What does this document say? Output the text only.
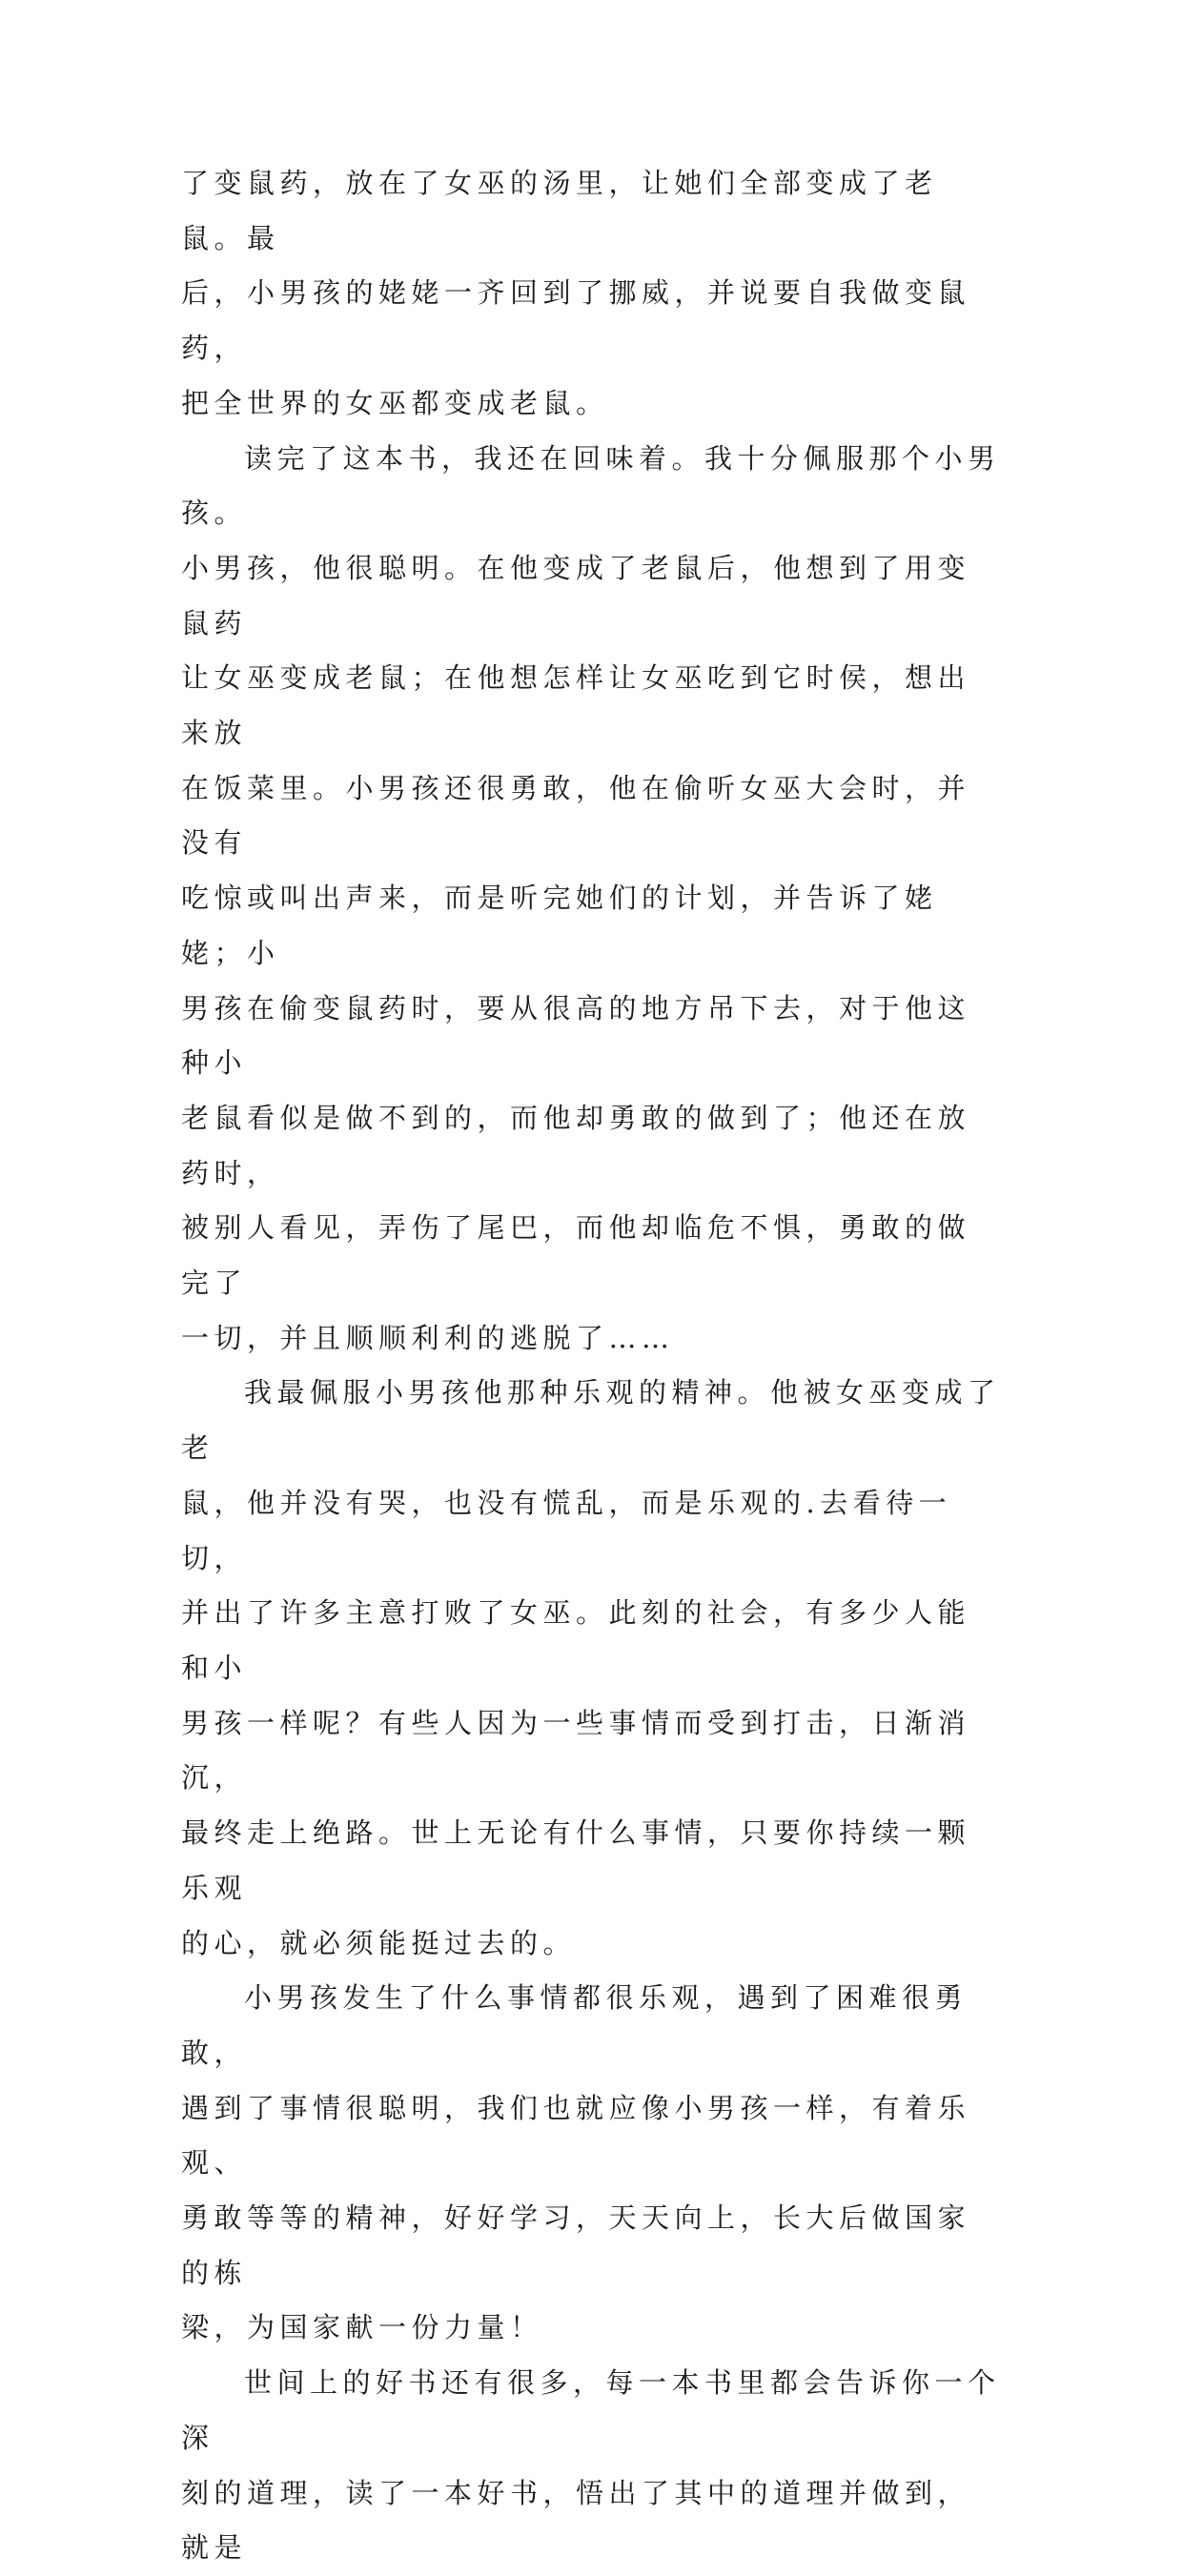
了变鼠药，放在了女巫的汤里，让她们全部变成了老鼠。最
后，小男孩的姥姥一齐回到了挪威，并说要自我做变鼠药，
把全世界的女巫都变成老鼠。
读完了这本书，我还在回味着。我十分佩服那个小男孩。
小男孩，他很聪明。在他变成了老鼠后，他想到了用变鼠药
让女巫变成老鼠；在他想怎样让女巫吃到它时侯，想出来放
在饭菜里。小男孩还很勇敢，他在偷听女巫大会时，并没有
吃惊或叫出声来，而是听完她们的计划，并告诉了姥姥；小
男孩在偷变鼠药时，要从很高的地方吊下去，对于他这种小
老鼠看似是做不到的，而他却勇敢的做到了；他还在放药时，
被别人看见，弄伤了尾巴，而他却临危不惧，勇敢的做完了
一切，并且顺顺利利的逃脱了……
我最佩服小男孩他那种乐观的精神。他被女巫变成了老
鼠，他并没有哭，也没有慌乱，而是乐观的.去看待一切，
并出了许多主意打败了女巫。此刻的社会，有多少人能和小
男孩一样呢？有些人因为一些事情而受到打击，日渐消沉，
最终走上绝路。世上无论有什么事情，只要你持续一颗乐观
的心，就必须能挺过去的。
小男孩发生了什么事情都很乐观，遇到了困难很勇敢，
遇到了事情很聪明，我们也就应像小男孩一样，有着乐观、
勇敢等等的精神，好好学习，天天向上，长大后做国家的栋
梁，为国家献一份力量！
世间上的好书还有很多，每一本书里都会告诉你一个深
刻的道理，读了一本好书，悟出了其中的道理并做到，就是
